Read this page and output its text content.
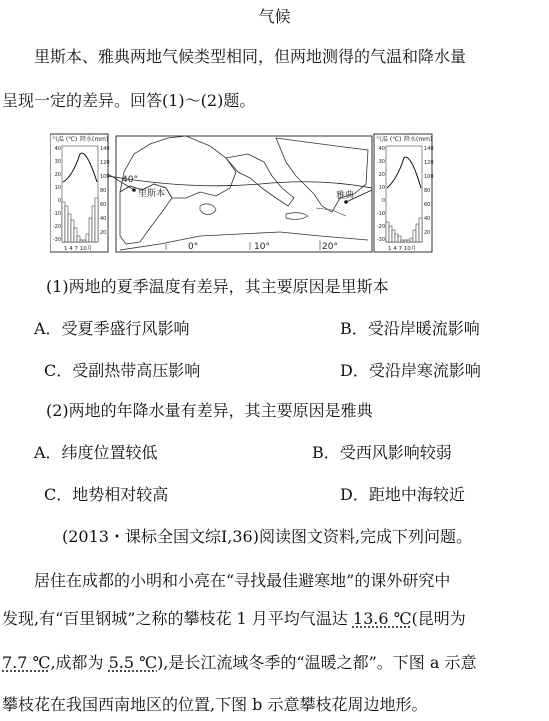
气候
里斯本、雅典两地气候类型相同，但两地测得的气温和降水量
呈现一定的差异。回答(1)～(2)题。
气温 (℃) 降水(mm)
40
30
20
10
0
-10
-20
-30
140
120
100
80
60
40
20
1 4 7 10月
40°
里斯本	雅典
0°	10°	20°
气温 (℃) 降水(mm)
40
30
20
10
0
-10
-20
-30
140
120
100
80
60
40
20
1 4 7 10月
(1)两地的夏季温度有差异，其主要原因是里斯本
A．受夏季盛行风影响	B．受沿岸暖流影响
C．受副热带高压影响	D．受沿岸寒流影响
(2)两地的年降水量有差异，其主要原因是雅典
A．纬度位置较低	B．受西风影响较弱
C．地势相对较高	D．距地中海较近
(2013・课标全国文综Ⅰ,36)阅读图文资料,完成下列问题。
居住在成都的小明和小亮在“寻找最佳避寒地”的课外研究中
发现,有“百里钢城”之称的攀枝花 1 月平均气温达 13.6 ℃(昆明为
7.7 ℃,成都为 5.5 ℃),是长江流域冬季的“温暖之都”。下图 a 示意
攀枝花在我国西南地区的位置,下图 b 示意攀枝花周边地形。
